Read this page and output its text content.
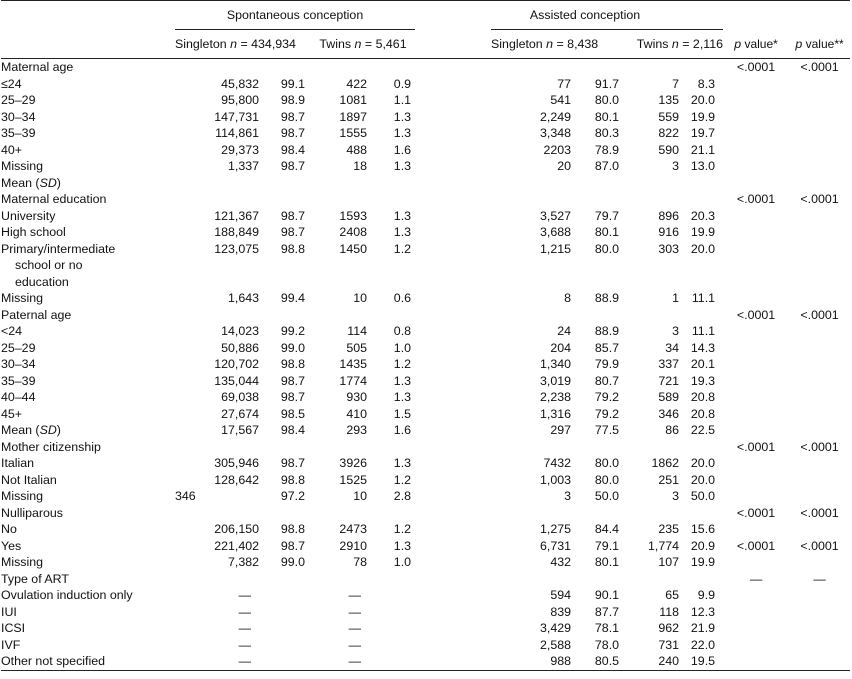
	Spontaneous conception					Assisted conception					
	Singleton n = 434,934		Twins n = 5,461			Singleton n = 8,438		Twins n = 2,116		p value*	p value**
Maternal age										<.0001	<.0001
≤24	45,832	99.1	422	0.9		77	91.7	7	8.3		
25–29	95,800	98.9	1081	1.1		541	80.0	135	20.0		
30–34	147,731	98.7	1897	1.3		2,249	80.1	559	19.9		
35–39	114,861	98.7	1555	1.3		3,348	80.3	822	19.7		
40+	29,373	98.4	488	1.6		2203	78.9	590	21.1		
Missing	1,337	98.7	18	1.3		20	87.0	3	13.0		
Mean (SD)											
Maternal education										<.0001	<.0001
University	121,367	98.7	1593	1.3		3,527	79.7	896	20.3		
High school	188,849	98.7	2408	1.3		3,688	80.1	916	19.9		
Primary/intermediate
school or no
education	123,075	98.8	1450	1.2		1,215	80.0	303	20.0		
Missing	1,643	99.4	10	0.6		8	88.9	1	11.1		
Paternal age										<.0001	<.0001
<24	14,023	99.2	114	0.8		24	88.9	3	11.1		
25–29	50,886	99.0	505	1.0		204	85.7	34	14.3		
30–34	120,702	98.8	1435	1.2		1,340	79.9	337	20.1		
35–39	135,044	98.7	1774	1.3		3,019	80.7	721	19.3		
40–44	69,038	98.7	930	1.3		2,238	79.2	589	20.8		
45+	27,674	98.5	410	1.5		1,316	79.2	346	20.8		
Mean (SD)	17,567	98.4	293	1.6		297	77.5	86	22.5		
Mother citizenship										<.0001	<.0001
Italian	305,946	98.7	3926	1.3		7432	80.0	1862	20.0		
Not Italian	128,642	98.8	1525	1.2		1,003	80.0	251	20.0		
Missing	346	97.2	10	2.8		3	50.0	3	50.0		
Nulliparous										<.0001	<.0001
No	206,150	98.8	2473	1.2		1,275	84.4	235	15.6		
Yes	221,402	98.7	2910	1.3		6,731	79.1	1,774	20.9	<.0001	<.0001
Missing	7,382	99.0	78	1.0		432	80.1	107	19.9		
Type of ART										—	—
Ovulation induction only	—		—			594	90.1	65	9.9		
IUI	—		—			839	87.7	118	12.3		
ICSI	—		—			3,429	78.1	962	21.9		
IVF	—		—			2,588	78.0	731	22.0		
Other not specified	—		—			988	80.5	240	19.5		
